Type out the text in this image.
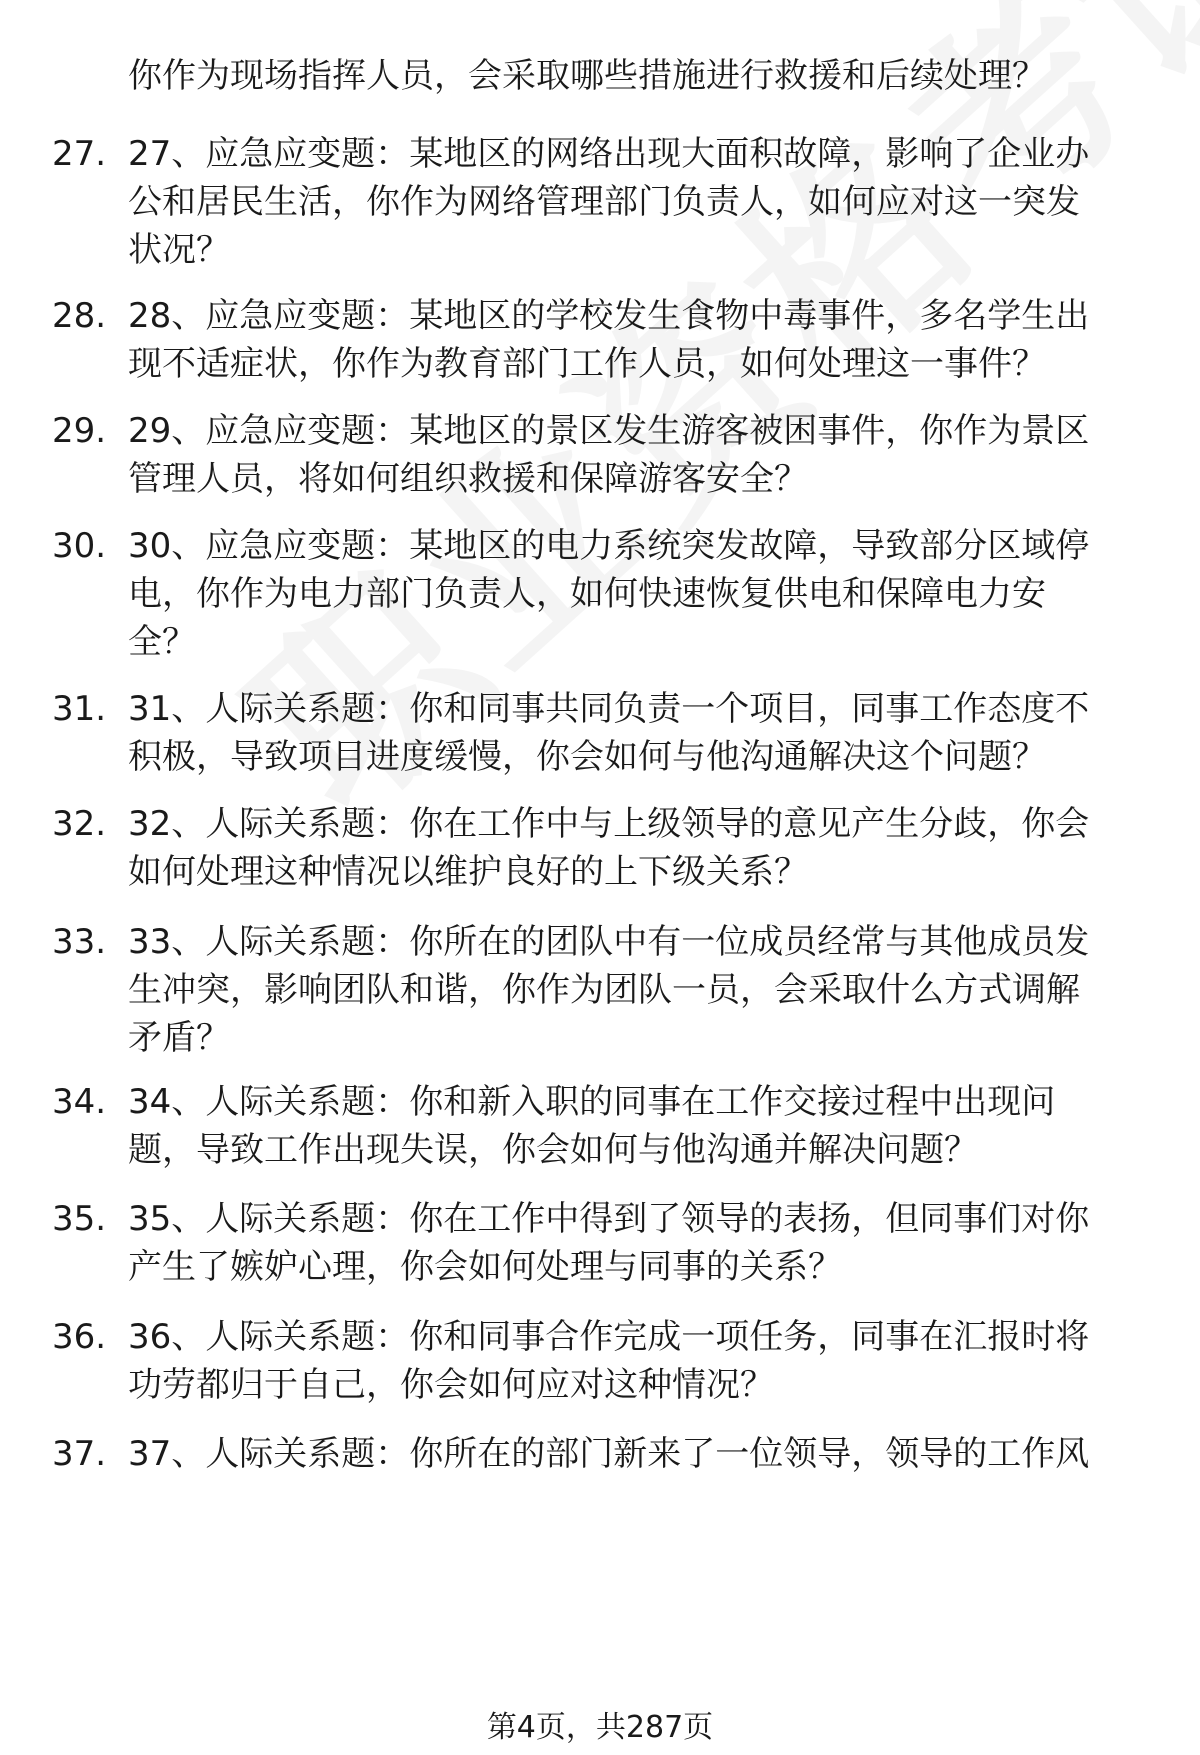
你作为现场指挥人员，会采取哪些措施进行救援和后续处理？
27. 27、应急应变题：某地区的网络出现大面积故障，影响了企业办
公和居民生活，你作为网络管理部门负责人，如何应对这一突发
状况？
28. 28、应急应变题：某地区的学校发生食物中毒事件，多名学生出
现不适症状，你作为教育部门工作人员，如何处理这一事件？
29. 29、应急应变题：某地区的景区发生游客被困事件，你作为景区
管理人员，将如何组织救援和保障游客安全？
30. 30、应急应变题：某地区的电力系统突发故障，导致部分区域停
电，你作为电力部门负责人，如何快速恢复供电和保障电力安
全？
31. 31、人际关系题：你和同事共同负责一个项目，同事工作态度不
积极，导致项目进度缓慢，你会如何与他沟通解决这个问题？
32. 32、人际关系题：你在工作中与上级领导的意见产生分歧，你会
如何处理这种情况以维护良好的上下级关系？
33. 33、人际关系题：你所在的团队中有一位成员经常与其他成员发
生冲突，影响团队和谐，你作为团队一员，会采取什么方式调解
矛盾？
34. 34、人际关系题：你和新入职的同事在工作交接过程中出现问
题，导致工作出现失误，你会如何与他沟通并解决问题？
35. 35、人际关系题：你在工作中得到了领导的表扬，但同事们对你
产生了嫉妒心理，你会如何处理与同事的关系？
36. 36、人际关系题：你和同事合作完成一项任务，同事在汇报时将
功劳都归于自己，你会如何应对这种情况？
37. 37、人际关系题：你所在的部门新来了一位领导，领导的工作风
第4页，共287页
